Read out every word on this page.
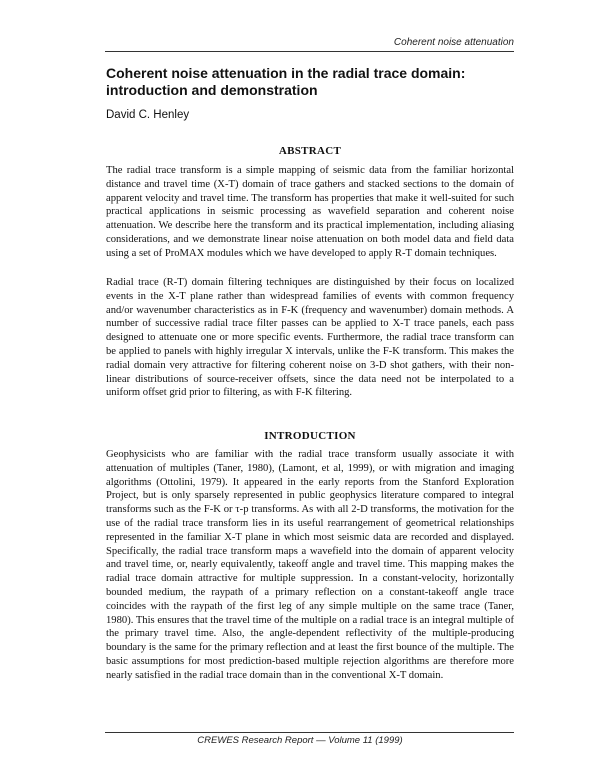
Coherent noise attenuation
Coherent noise attenuation in the radial trace domain:
introduction and demonstration
David C. Henley
ABSTRACT

The radial trace transform is a simple mapping of seismic data from the familiar horizontal distance and travel time (X-T) domain of trace gathers and stacked sections to the domain of apparent velocity and travel time. The transform has properties that make it well-suited for such practical applications in seismic processing as wavefield separation and coherent noise attenuation. We describe here the transform and its practical implementation, including aliasing considerations, and we demonstrate linear noise attenuation on both model data and field data using a set of ProMAX modules which we have developed to apply R-T domain techniques.

Radial trace (R-T) domain filtering techniques are distinguished by their focus on localized events in the X-T plane rather than widespread families of events with common frequency and/or wavenumber characteristics as in F-K (frequency and wavenumber) domain methods. A number of successive radial trace filter passes can be applied to X-T trace panels, each pass designed to attenuate one or more specific events. Furthermore, the radial trace transform can be applied to panels with highly irregular X intervals, unlike the F-K transform. This makes the radial domain very attractive for filtering coherent noise on 3-D shot gathers, with their non-linear distributions of source-receiver offsets, since the data need not be interpolated to a uniform offset grid prior to filtering, as with F-K filtering.

INTRODUCTION

Geophysicists who are familiar with the radial trace transform usually associate it with attenuation of multiples (Taner, 1980), (Lamont, et al, 1999), or with migration and imaging algorithms (Ottolini, 1979). It appeared in the early reports from the Stanford Exploration Project, but is only sparsely represented in public geophysics literature compared to integral transforms such as the F-K or τ-p transforms. As with all 2-D transforms, the motivation for the use of the radial trace transform lies in its useful rearrangement of geometrical relationships represented in the familiar X-T plane in which most seismic data are recorded and displayed. Specifically, the radial trace transform maps a wavefield into the domain of apparent velocity and travel time, or, nearly equivalently, takeoff angle and travel time. This mapping makes the radial trace domain attractive for multiple suppression. In a constant-velocity, horizontally bounded medium, the raypath of a primary reflection on a constant-takeoff angle trace coincides with the raypath of the first leg of any simple multiple on the same trace (Taner, 1980). This ensures that the travel time of the multiple on a radial trace is an integral multiple of the primary travel time. Also, the angle-dependent reflectivity of the multiple-producing boundary is the same for the primary reflection and at least the first bounce of the multiple. The basic assumptions for most prediction-based multiple rejection algorithms are therefore more nearly satisfied in the radial trace domain than in the conventional X-T domain.

CREWES Research Report — Volume 11 (1999)
